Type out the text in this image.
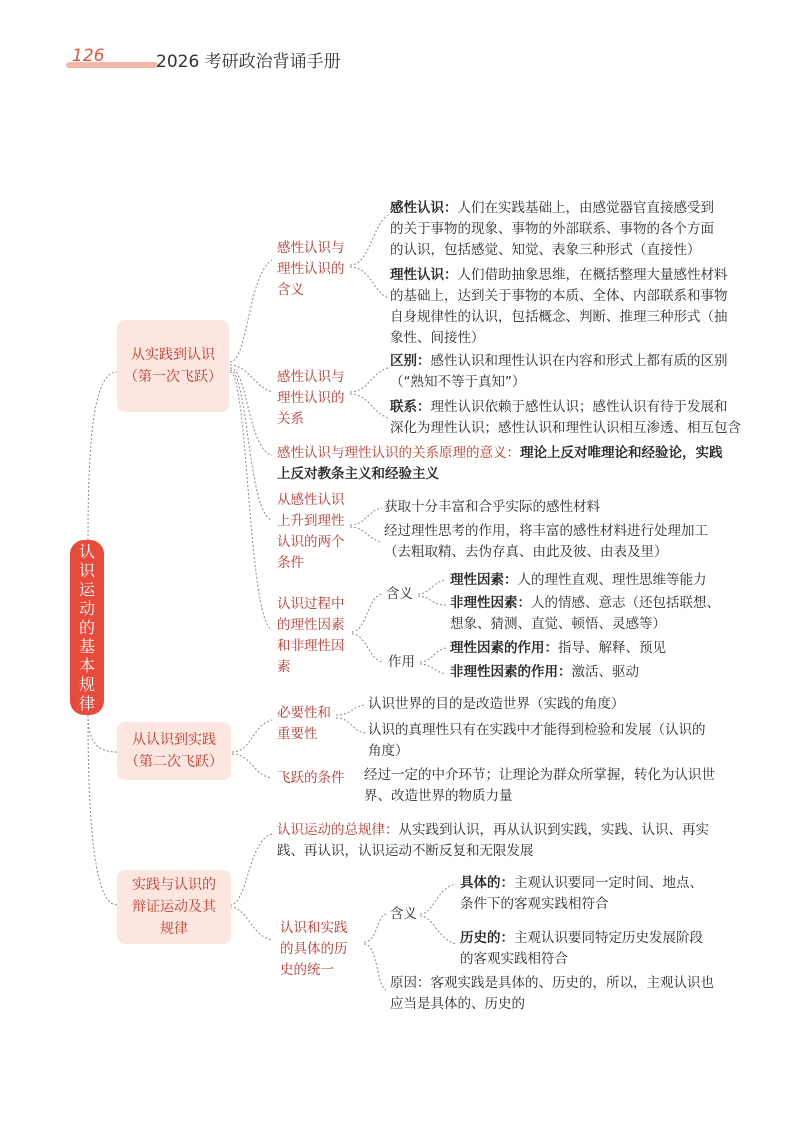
126	2026 考研政治背诵手册
认识运动的基本规律
从实践到认识
（第一次飞跃）
感性认识与
理性认识的
含义
感性认识：人们在实践基础上，由感觉器官直接感受到
的关于事物的现象、事物的外部联系、事物的各个方面
的认识，包括感觉、知觉、表象三种形式（直接性）
理性认识：人们借助抽象思维，在概括整理大量感性材料
的基础上，达到关于事物的本质、全体、内部联系和事物
自身规律性的认识，包括概念、判断、推理三种形式（抽
象性、间接性）
感性认识与
理性认识的
关系
区别：感性认识和理性认识在内容和形式上都有质的区别
（“熟知不等于真知”）
联系：理性认识依赖于感性认识；感性认识有待于发展和
深化为理性认识；感性认识和理性认识相互渗透、相互包含
感性认识与理性认识的关系原理的意义：理论上反对唯理论和经验论，实践
上反对教条主义和经验主义
从感性认识
上升到理性
认识的两个
条件
获取十分丰富和合乎实际的感性材料
经过理性思考的作用，将丰富的感性材料进行处理加工
（去粗取精、去伪存真、由此及彼、由表及里）
认识过程中
的理性因素
和非理性因
素
含义
理性因素：人的理性直观、理性思维等能力
非理性因素：人的情感、意志（还包括联想、
想象、猜测、直觉、顿悟、灵感等）
作用
理性因素的作用：指导、解释、预见
非理性因素的作用：激活、驱动
从认识到实践
（第二次飞跃）
必要性和
重要性
认识世界的目的是改造世界（实践的角度）
认识的真理性只有在实践中才能得到检验和发展（认识的
角度）
飞跃的条件 经过一定的中介环节；让理论为群众所掌握，转化为认识世
界、改造世界的物质力量
实践与认识的
辩证运动及其
规律
认识运动的总规律：从实践到认识，再从认识到实践，实践、认识、再实
践、再认识，认识运动不断反复和无限发展
认识和实践
的具体的历
史的统一
含义
具体的：主观认识要同一定时间、地点、
条件下的客观实践相符合
历史的：主观认识要同特定历史发展阶段
的客观实践相符合
原因：客观实践是具体的、历史的，所以，主观认识也
应当是具体的、历史的
